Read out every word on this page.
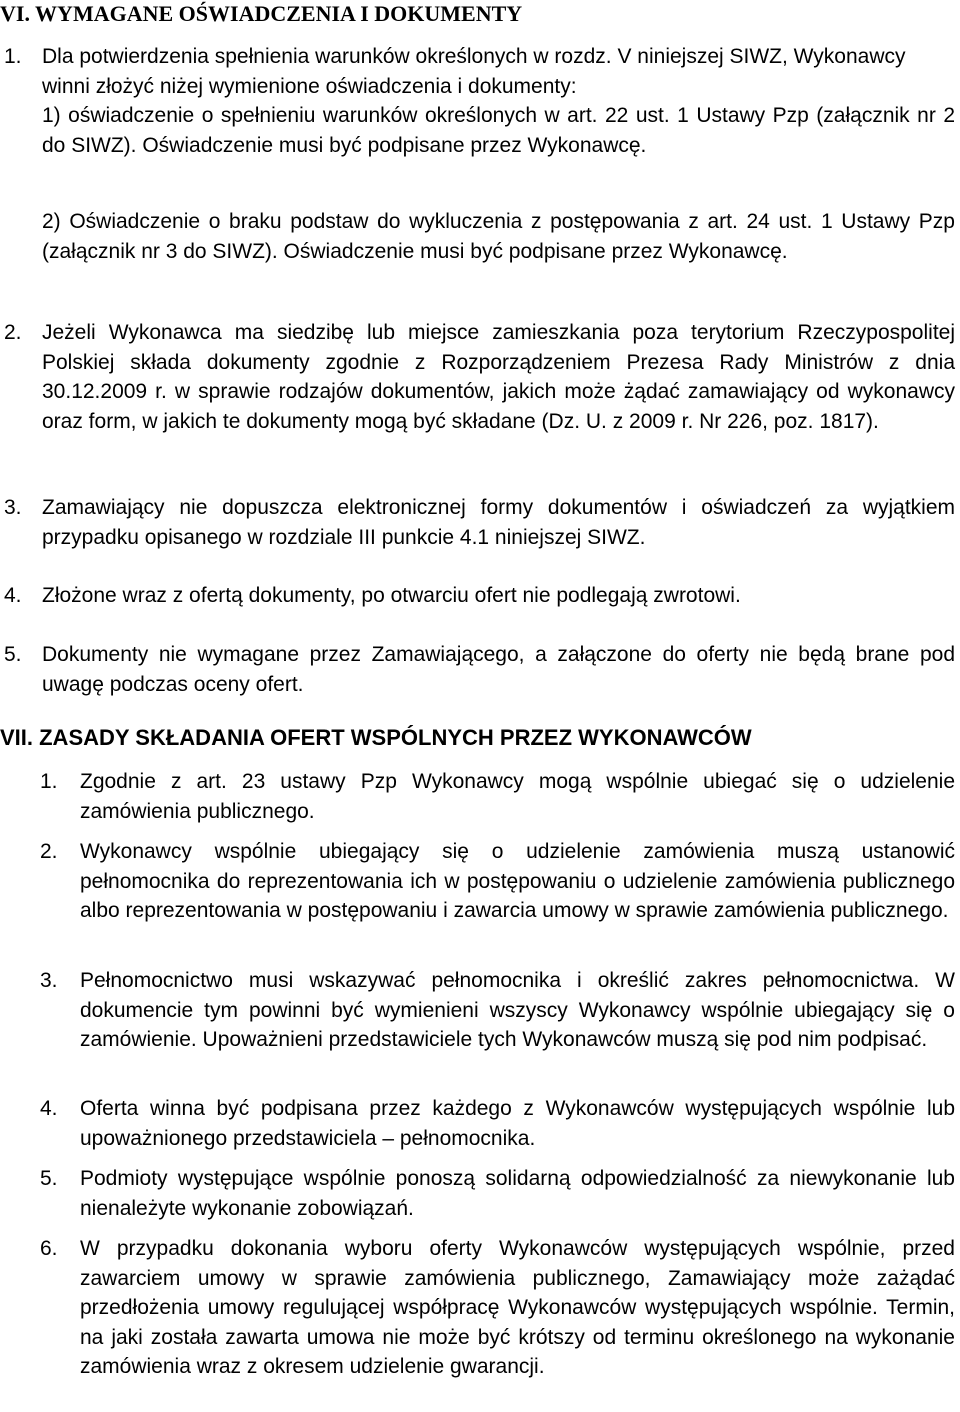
VI. WYMAGANE OŚWIADCZENIA I DOKUMENTY
1. Dla potwierdzenia spełnienia warunków określonych w rozdz. V niniejszej SIWZ, Wykonawcy winni złożyć niżej wymienione oświadczenia i dokumenty:
1) oświadczenie o spełnieniu warunków określonych w art. 22 ust. 1 Ustawy Pzp (załącznik nr 2 do SIWZ). Oświadczenie musi być podpisane przez Wykonawcę.
2) Oświadczenie o braku podstaw do wykluczenia z postępowania z art. 24 ust. 1 Ustawy Pzp (załącznik nr 3 do SIWZ). Oświadczenie musi być podpisane przez Wykonawcę.
2. Jeżeli Wykonawca ma siedzibę lub miejsce zamieszkania poza terytorium Rzeczypospolitej Polskiej składa dokumenty zgodnie z Rozporządzeniem Prezesa Rady Ministrów z dnia 30.12.2009 r. w sprawie rodzajów dokumentów, jakich może żądać zamawiający od wykonawcy oraz form, w jakich te dokumenty mogą być składane (Dz. U. z 2009 r. Nr 226, poz. 1817).
3. Zamawiający nie dopuszcza elektronicznej formy dokumentów i oświadczeń za wyjątkiem przypadku opisanego w rozdziale III punkcie 4.1 niniejszej SIWZ.
4. Złożone wraz z ofertą dokumenty, po otwarciu ofert nie podlegają zwrotowi.
5. Dokumenty nie wymagane przez Zamawiającego, a załączone do oferty nie będą brane pod uwagę podczas oceny ofert.
VII. ZASADY SKŁADANIA OFERT WSPÓLNYCH PRZEZ WYKONAWCÓW
1. Zgodnie z art. 23 ustawy Pzp Wykonawcy mogą wspólnie ubiegać się o udzielenie zamówienia publicznego.
2. Wykonawcy wspólnie ubiegający się o udzielenie zamówienia muszą ustanowić pełnomocnika do reprezentowania ich w postępowaniu o udzielenie zamówienia publicznego albo reprezentowania w postępowaniu i zawarcia umowy w sprawie zamówienia publicznego.
3. Pełnomocnictwo musi wskazywać pełnomocnika i określić zakres pełnomocnictwa. W dokumencie tym powinni być wymienieni wszyscy Wykonawcy wspólnie ubiegający się o zamówienie. Upoważnieni przedstawiciele tych Wykonawców muszą się pod nim podpisać.
4. Oferta winna być podpisana przez każdego z Wykonawców występujących wspólnie lub upoważnionego przedstawiciela – pełnomocnika.
5. Podmioty występujące wspólnie ponoszą solidarną odpowiedzialność za niewykonanie lub nienależyte wykonanie zobowiązań.
6. W przypadku dokonania wyboru oferty Wykonawców występujących wspólnie, przed zawarciem umowy w sprawie zamówienia publicznego, Zamawiający może zażądać przedłożenia umowy regulującej współpracę Wykonawców występujących wspólnie. Termin, na jaki została zawarta umowa nie może być krótszy od terminu określonego na wykonanie zamówienia wraz z okresem udzielenie gwarancji.
